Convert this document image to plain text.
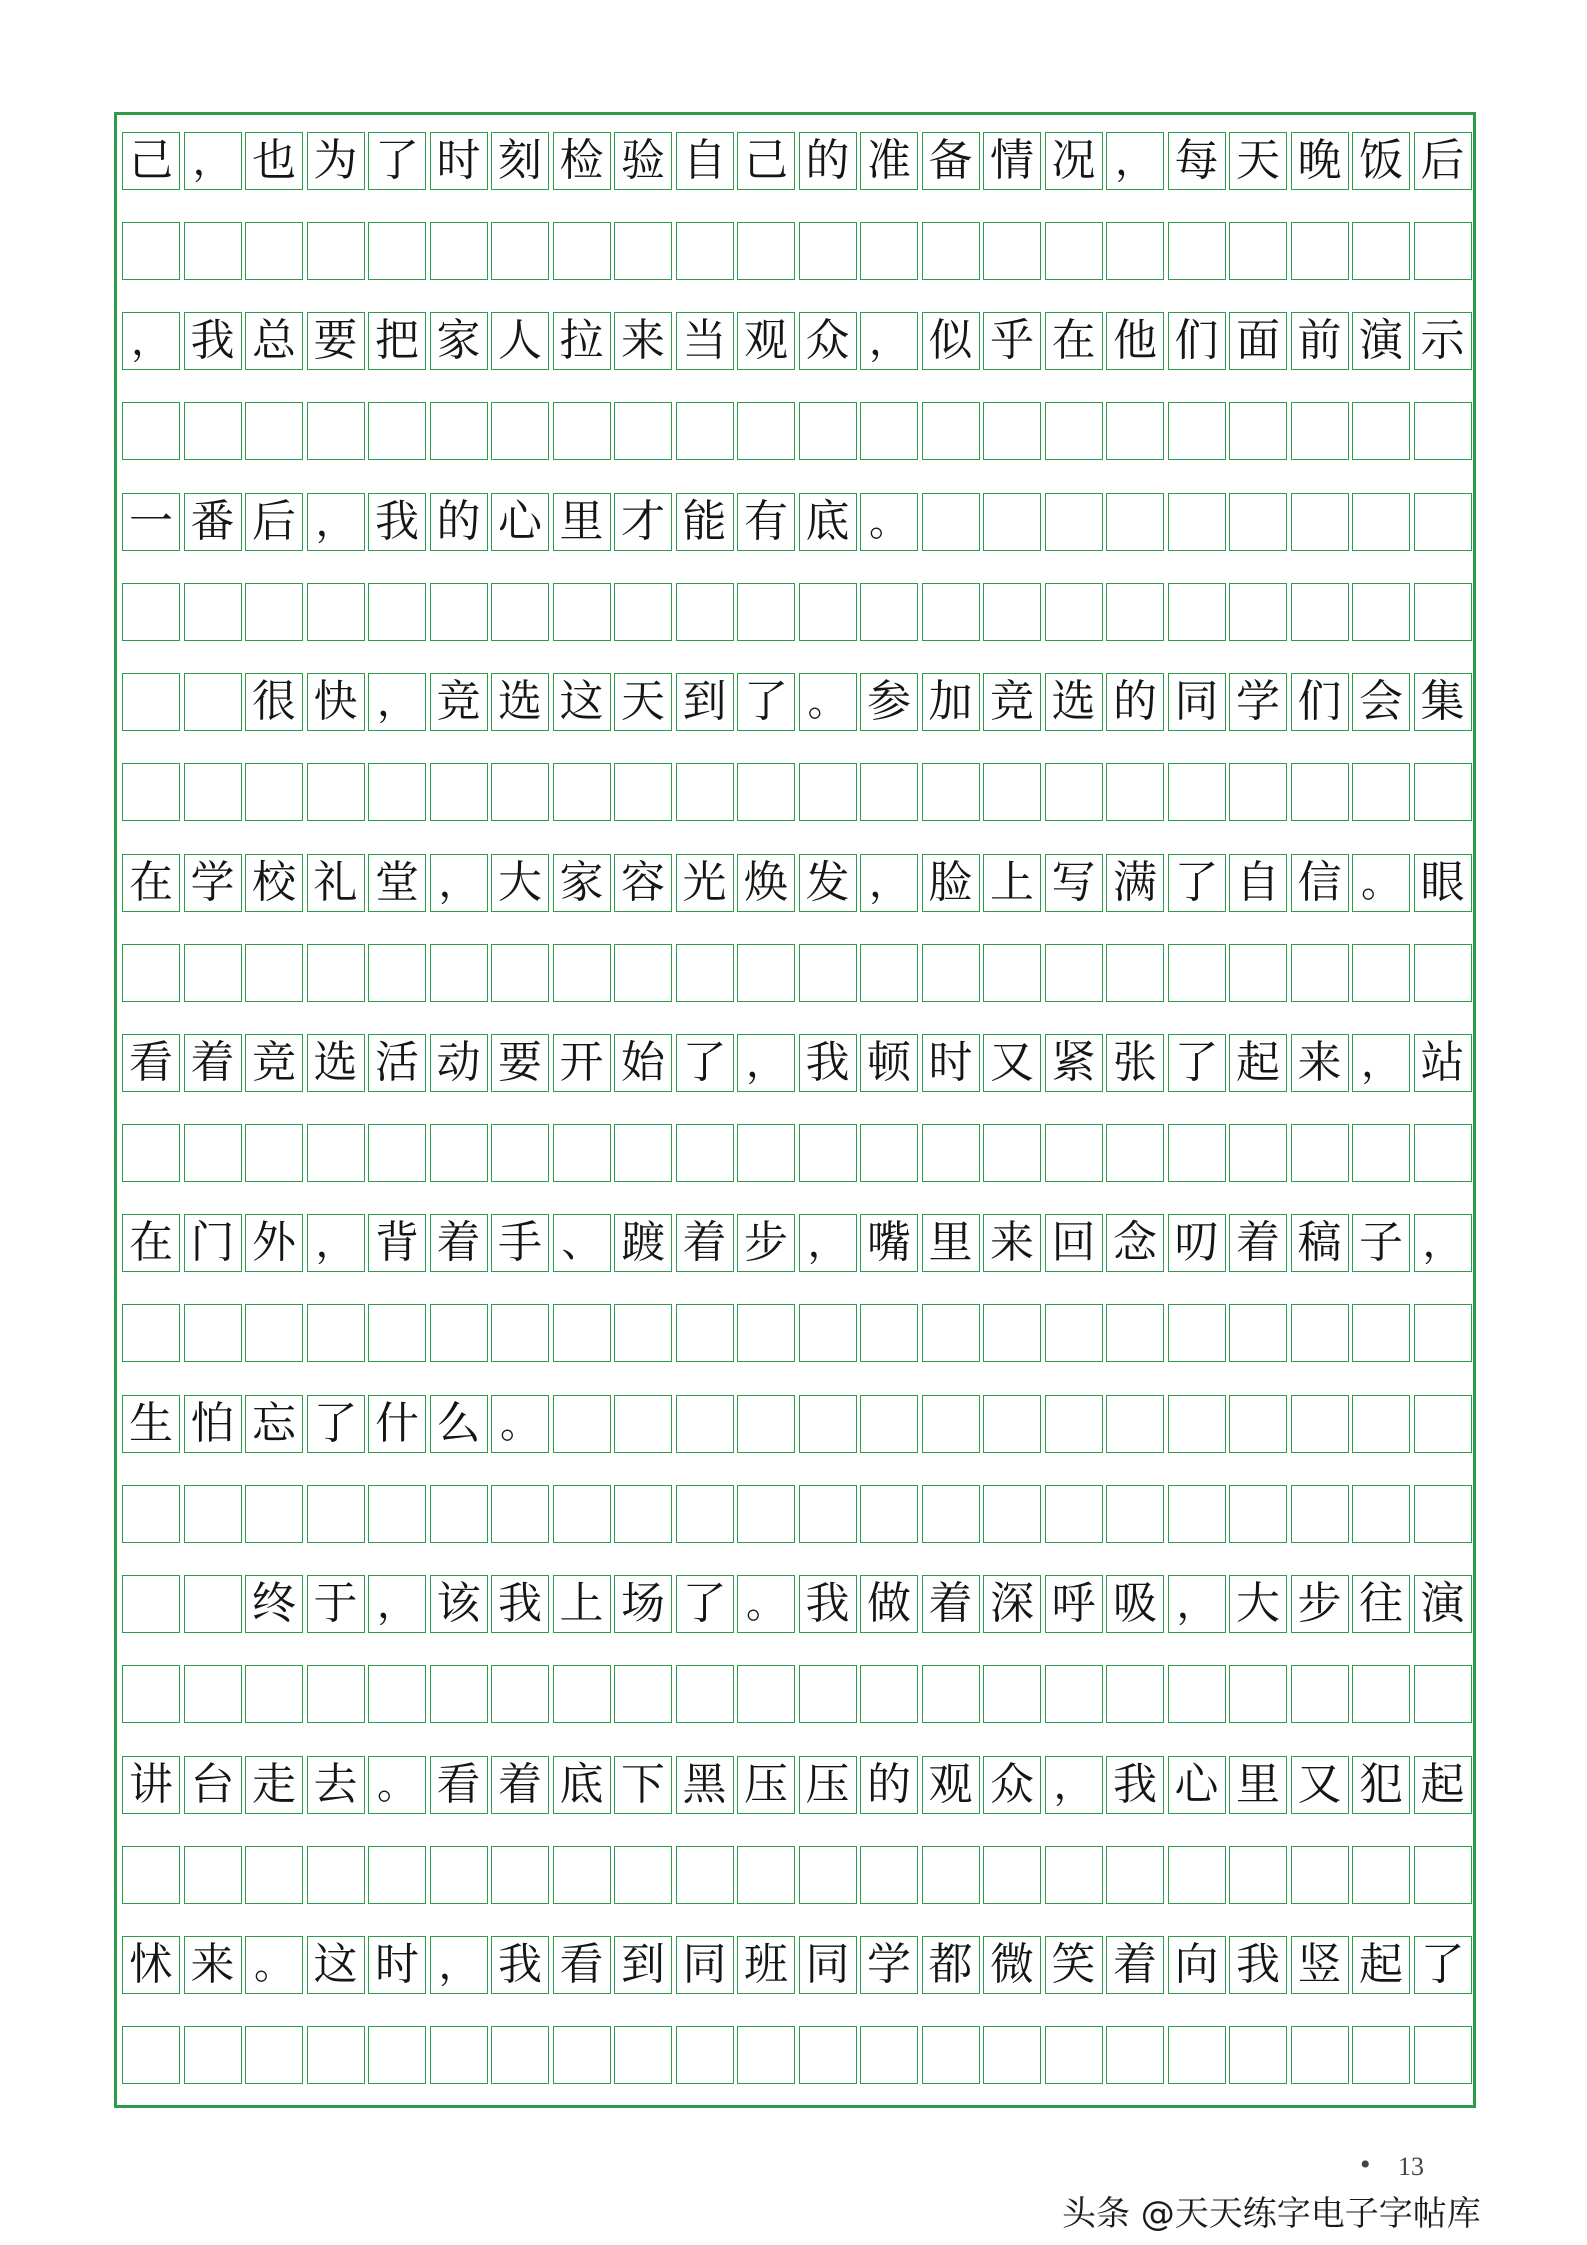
己 ， 也 为 了 时 刻 检 验 自 己 的 准 备 情 况 ， 每 天 晚 饭 后
， 我 总 要 把 家 人 拉 来 当 观 众 ， 似 乎 在 他 们 面 前 演 示
一 番 后 ， 我 的 心 里 才 能 有 底 。
很 快 ， 竞 选 这 天 到 了 。 参 加 竞 选 的 同 学 们 会 集
在 学 校 礼 堂 ， 大 家 容 光 焕 发 ， 脸 上 写 满 了 自 信 。 眼
看 着 竞 选 活 动 要 开 始 了 ， 我 顿 时 又 紧 张 了 起 来 ， 站
在 门 外 ， 背 着 手 、 踱 着 步 ， 嘴 里 来 回 念 叨 着 稿 子 ，
生 怕 忘 了 什 么 。
终 于 ， 该 我 上 场 了 。 我 做 着 深 呼 吸 ， 大 步 往 演
讲 台 走 去 。 看 着 底 下 黑 压 压 的 观 众 ， 我 心 里 又 犯 起
怵 来 。 这 时 ， 我 看 到 同 班 同 学 都 微 笑 着 向 我 竖 起 了
• 13
头条 @天天练字电子字帖库
